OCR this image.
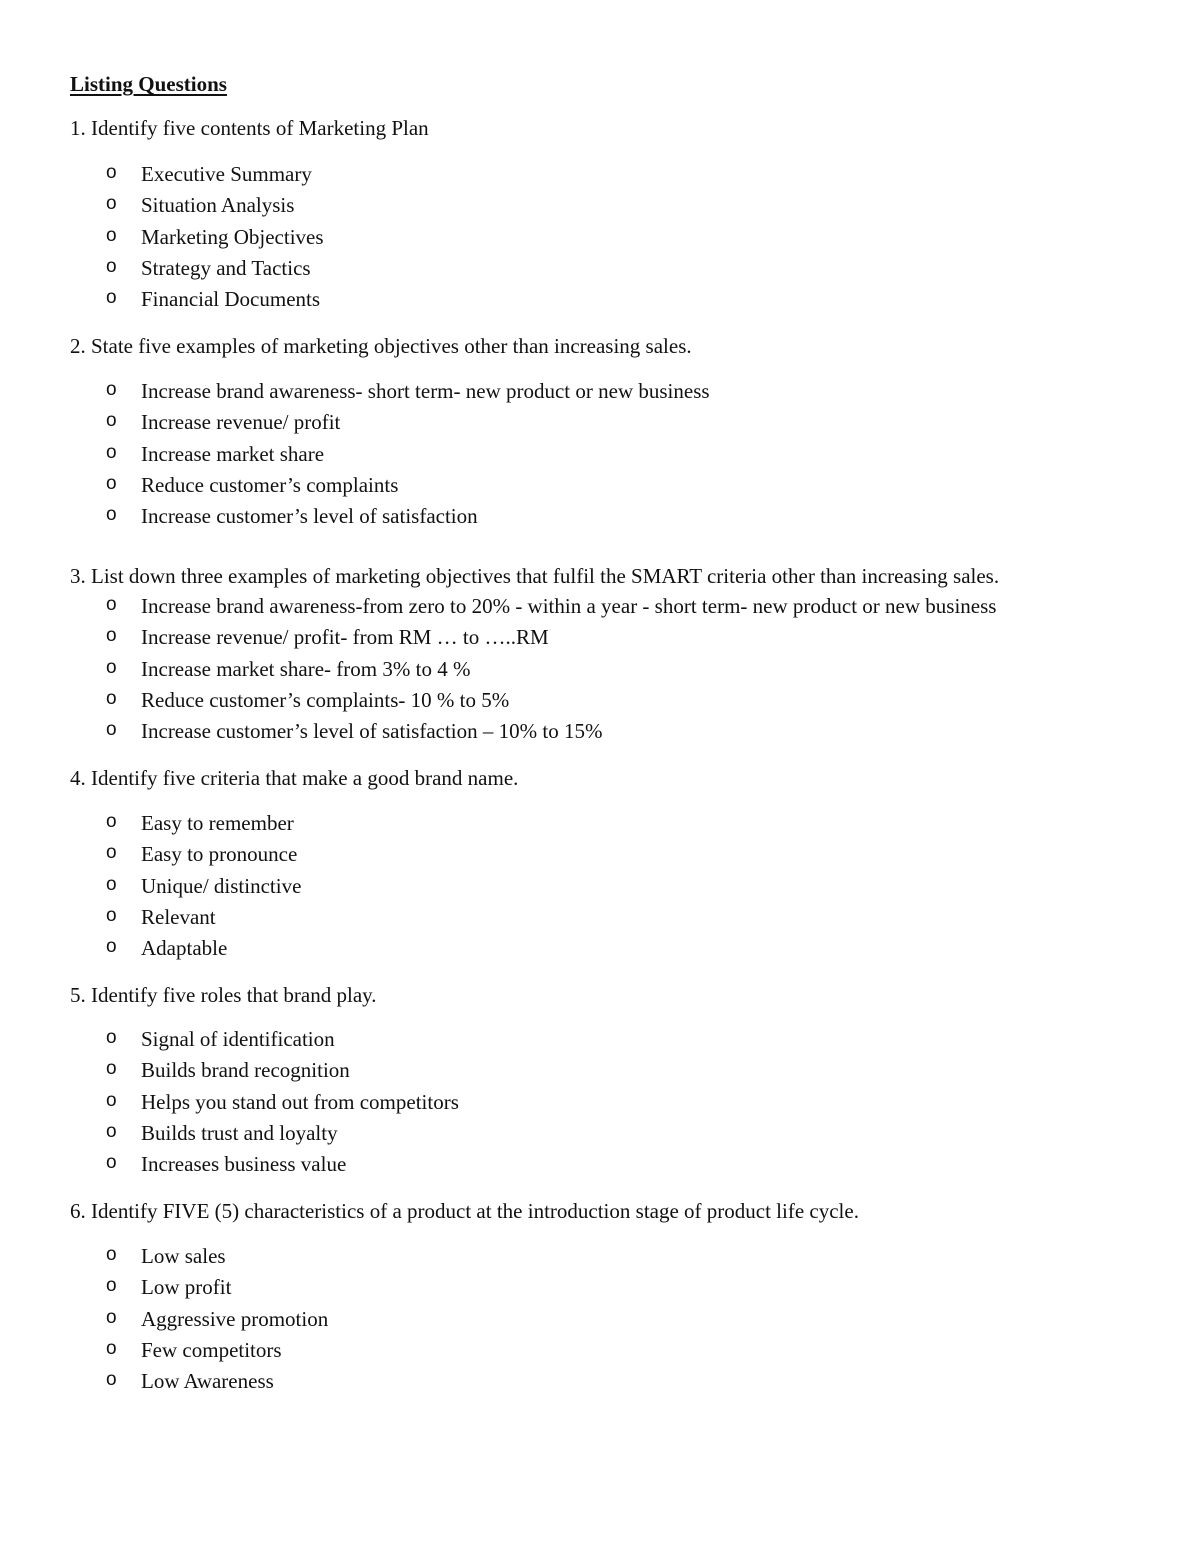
Listing Questions
1. Identify five contents of Marketing Plan
o Executive Summary
o Situation Analysis
o Marketing Objectives
o Strategy and Tactics
o Financial Documents
2. State five examples of marketing objectives other than increasing sales.
o Increase brand awareness- short term- new product or new business
o Increase revenue/ profit
o Increase market share
o Reduce customer’s complaints
o Increase customer’s level of satisfaction
3. List down three examples of marketing objectives that fulfil the SMART criteria other than increasing sales.
o Increase brand awareness-from zero to 20% - within a year - short term- new product or new business
o Increase revenue/ profit- from RM … to …..RM
o Increase market share- from 3% to 4 %
o Reduce customer’s complaints- 10 % to 5%
o Increase customer’s level of satisfaction – 10% to 15%
4. Identify five criteria that make a good brand name.
o Easy to remember
o Easy to pronounce
o Unique/ distinctive
o Relevant
o Adaptable
5. Identify five roles that brand play.
o Signal of identification
o Builds brand recognition
o Helps you stand out from competitors
o Builds trust and loyalty
o Increases business value
6. Identify FIVE (5) characteristics of a product at the introduction stage of product life cycle.
o Low sales
o Low profit
o Aggressive promotion
o Few competitors
o Low Awareness
